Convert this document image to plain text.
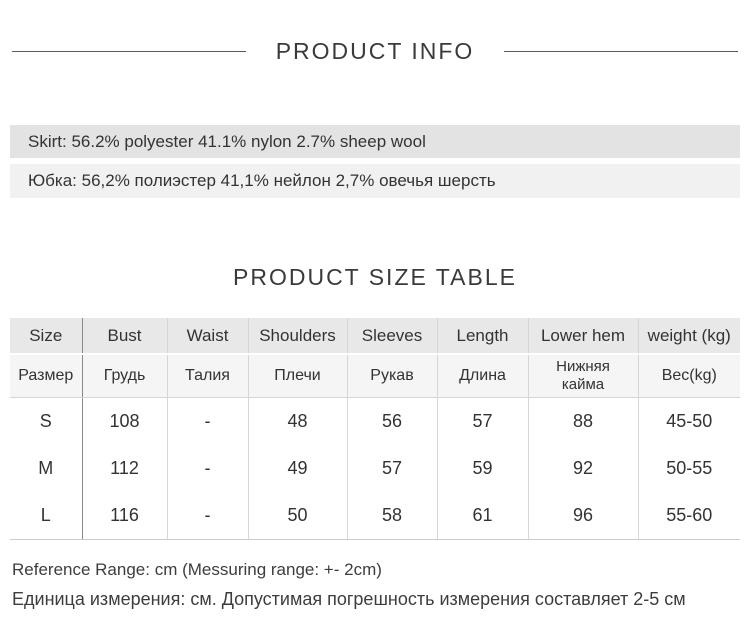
PRODUCT INFO
Skirt: 56.2% polyester 41.1% nylon 2.7% sheep wool
Юбка: 56,2% полиэстер 41,1% нейлон 2,7% овечья шерсть
PRODUCT SIZE TABLE
Size	Bust	Waist	Shoulders	Sleeves	Length	Lower hem	weight (kg)
Размер	Грудь	Талия	Плечи	Рукав	Длина	Нижняя кайма	Вес(kg)
S	108	-	48	56	57	88	45-50
M	112	-	49	57	59	92	50-55
L	116	-	50	58	61	96	55-60
Reference Range: cm (Messuring range: +- 2cm)
Единица измерения: см. Допустимая погрешность измерения составляет 2-5 см
